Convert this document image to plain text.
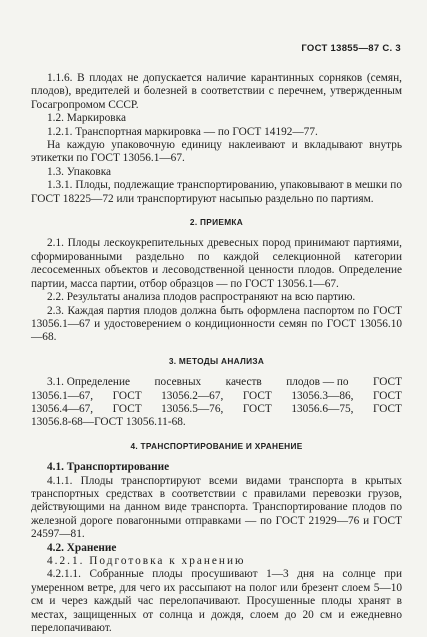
ГОСТ 13855—87 С. 3

1.1.6. В плодах не допускается наличие карантинных сорняков (семян, плодов), вредителей и болезней в соответствии с перечнем, утвержденным Госагропромом СССР.

1.2. Маркировка

1.2.1. Транспортная маркировка — по ГОСТ 14192—77.

На каждую упаковочную единицу наклеивают и вкладывают внутрь этикетки по ГОСТ 13056.1—67.

1.3. Упаковка

1.3.1. Плоды, подлежащие транспортированию, упаковывают в мешки по ГОСТ 18225—72 или транспортируют насыпью раздельно по партиям.

2. ПРИЕМКА

2.1. Плоды лескоукрепительных древесных пород принимают партиями, сформированными раздельно по каждой селекционной категории лесосеменных объектов и лесоводственной ценности плодов. Определение партии, масса партии, отбор образцов — по ГОСТ 13056.1—67.

2.2. Результаты анализа плодов распространяют на всю партию.

2.3. Каждая партия плодов должна быть оформлена паспортом по ГОСТ 13056.1—67 и удостоверением о кондиционности семян по ГОСТ 13056.10—68.

3. МЕТОДЫ АНАЛИЗА
3.1. Определение посевных качеств плодов — по ГОСТ
13056.1—67, ГОСТ 13056.2—67, ГОСТ 13056.3—86, ГОСТ
13056.4—67, ГОСТ 13056.5—76, ГОСТ 13056.6—75, ГОСТ
13056.8-68—ГОСТ 13056.11-68.
4. ТРАНСПОРТИРОВАНИЕ И ХРАНЕНИЕ
4.1. Транспортирование

4.1.1. Плоды транспортируют всеми видами транспорта в крытых транспортных средствах в соответствии с правилами перевозки грузов, действующими на данном виде транспорта. Транспортирование плодов по железной дороге повагонными отправками — по ГОСТ 21929—76 и ГОСТ 24597—81.

4.2. Хранение
4.2.1. Подготовка к хранению

4.2.1.1. Собранные плоды просушивают 1—3 дня на солнце при умеренном ветре, для чего их рассыпают на полог или брезент слоем 5—10 см и через каждый час перелопачивают. Просушенные плоды хранят в местах, защищенных от солнца и дождя, слоем до 20 см и ежедневно перелопачивают.
